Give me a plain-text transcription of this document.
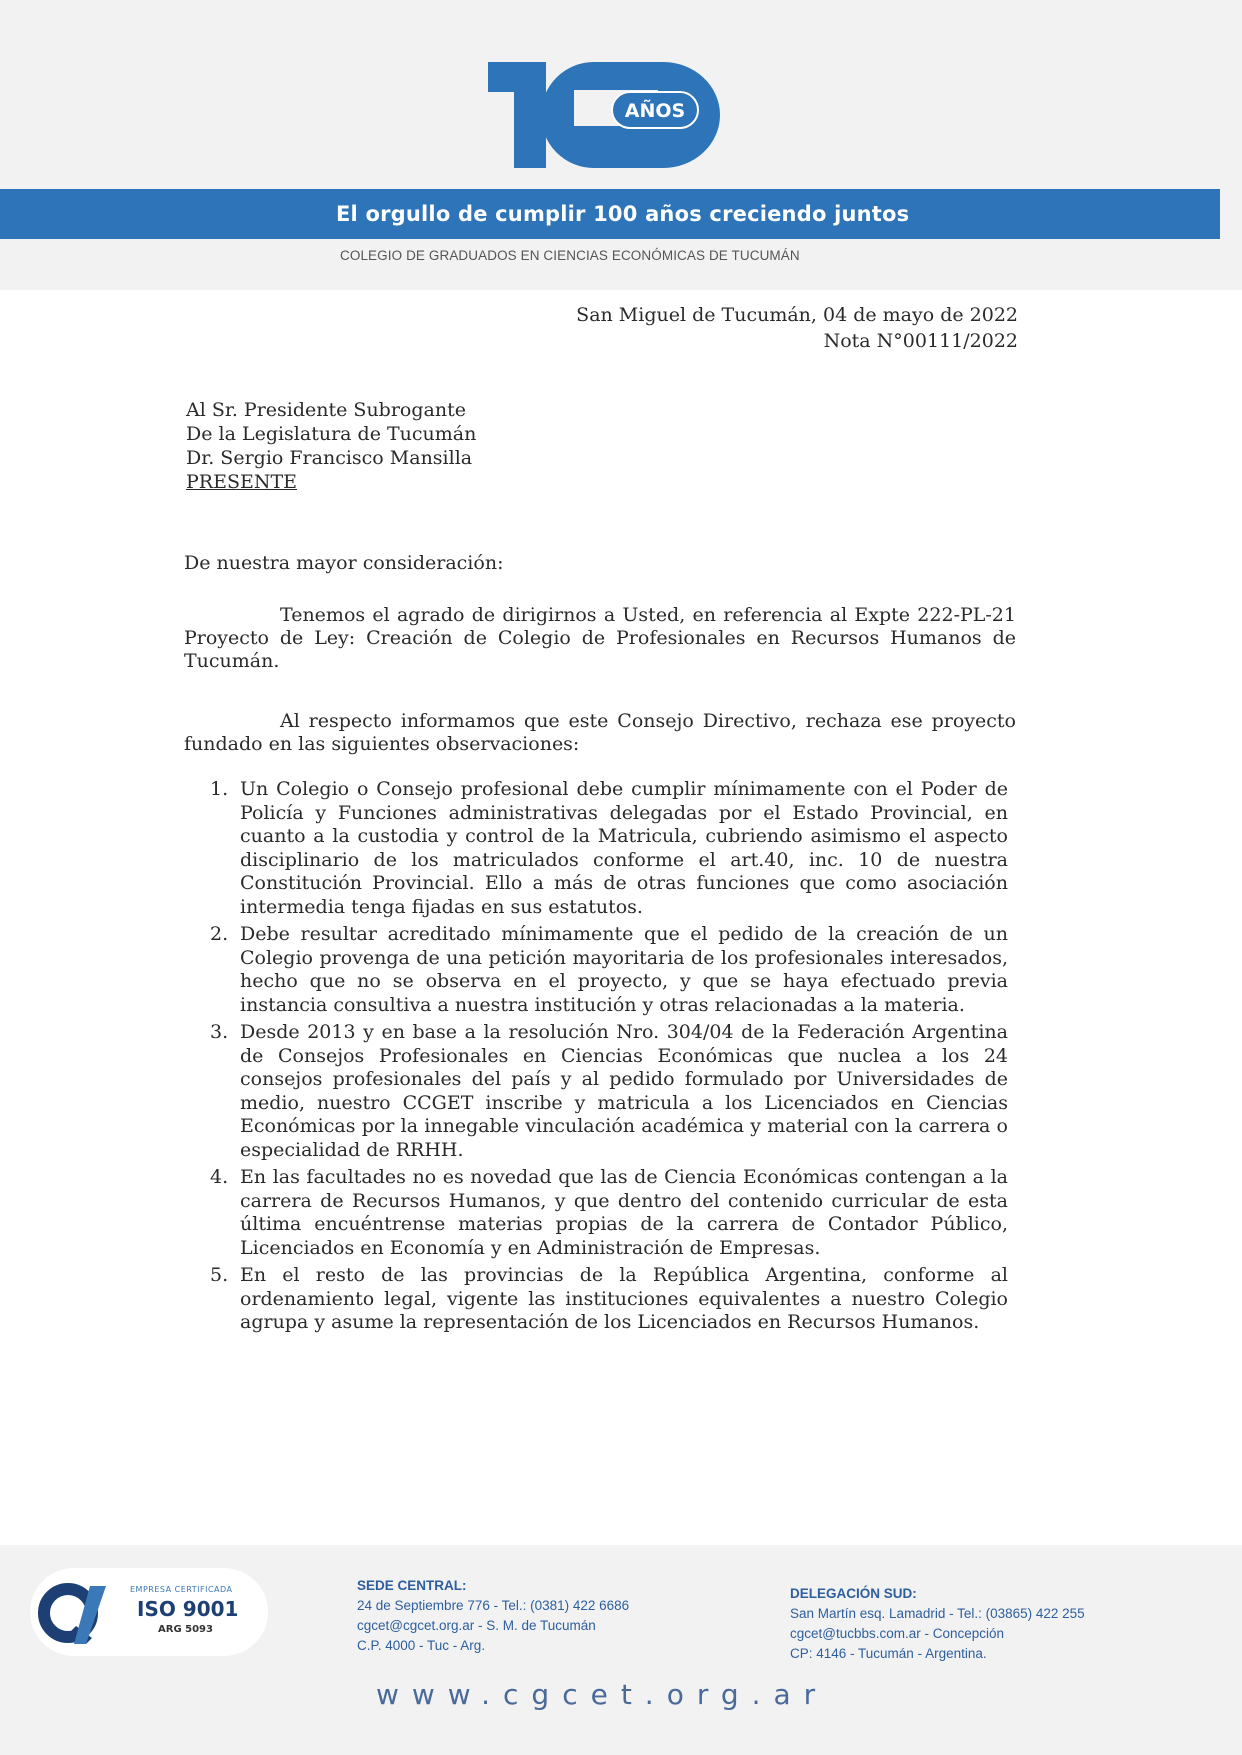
AÑOS
El orgullo de cumplir 100 años creciendo juntos
COLEGIO DE GRADUADOS EN CIENCIAS ECONÓMICAS DE TUCUMÁN
San Miguel de Tucumán, 04 de mayo de 2022
Nota N°00111/2022
Al Sr. Presidente Subrogante
De la Legislatura de Tucumán
Dr. Sergio Francisco Mansilla
PRESENTE
De nuestra mayor consideración:

Tenemos el agrado de dirigirnos a Usted, en referencia al Expte 222-PL-21 Proyecto de Ley: Creación de Colegio de Profesionales en Recursos Humanos de Tucumán.

Al respecto informamos que este Consejo Directivo, rechaza ese proyecto fundado en las siguientes observaciones:

1. Un Colegio o Consejo profesional debe cumplir mínimamente con el Poder de Policía y Funciones administrativas delegadas por el Estado Provincial, en cuanto a la custodia y control de la Matricula, cubriendo asimismo el aspecto disciplinario de los matriculados conforme el art.40, inc. 10 de nuestra Constitución Provincial. Ello a más de otras funciones que como asociación intermedia tenga fijadas en sus estatutos.
2. Debe resultar acreditado mínimamente que el pedido de la creación de un Colegio provenga de una petición mayoritaria de los profesionales interesados, hecho que no se observa en el proyecto, y que se haya efectuado previa instancia consultiva a nuestra institución y otras relacionadas a la materia.
3. Desde 2013 y en base a la resolución Nro. 304/04 de la Federación Argentina de Consejos Profesionales en Ciencias Económicas que nuclea a los 24 consejos profesionales del país y al pedido formulado por Universidades de medio, nuestro CCGET inscribe y matricula a los Licenciados en Ciencias Económicas por la innegable vinculación académica y material con la carrera o especialidad de RRHH.
4. En las facultades no es novedad que las de Ciencia Económicas contengan a la carrera de Recursos Humanos, y que dentro del contenido curricular de esta última encuéntrense materias propias de la carrera de Contador Público, Licenciados en Economía y en Administración de Empresas.
5. En el resto de las provincias de la República Argentina, conforme al ordenamiento legal, vigente las instituciones equivalentes a nuestro Colegio agrupa y asume la representación de los Licenciados en Recursos Humanos.
EMPRESA CERTIFICADA
ISO 9001
ARG 5093
SEDE CENTRAL:
24 de Septiembre 776 - Tel.: (0381) 422 6686
cgcet@cgcet.org.ar - S. M. de Tucumán
C.P. 4000 - Tuc - Arg.
DELEGACIÓN SUD:
San Martín esq. Lamadrid - Tel.: (03865) 422 255
cgcet@tucbbs.com.ar - Concepción
CP: 4146 - Tucumán - Argentina.
www.cgcet.org.ar
